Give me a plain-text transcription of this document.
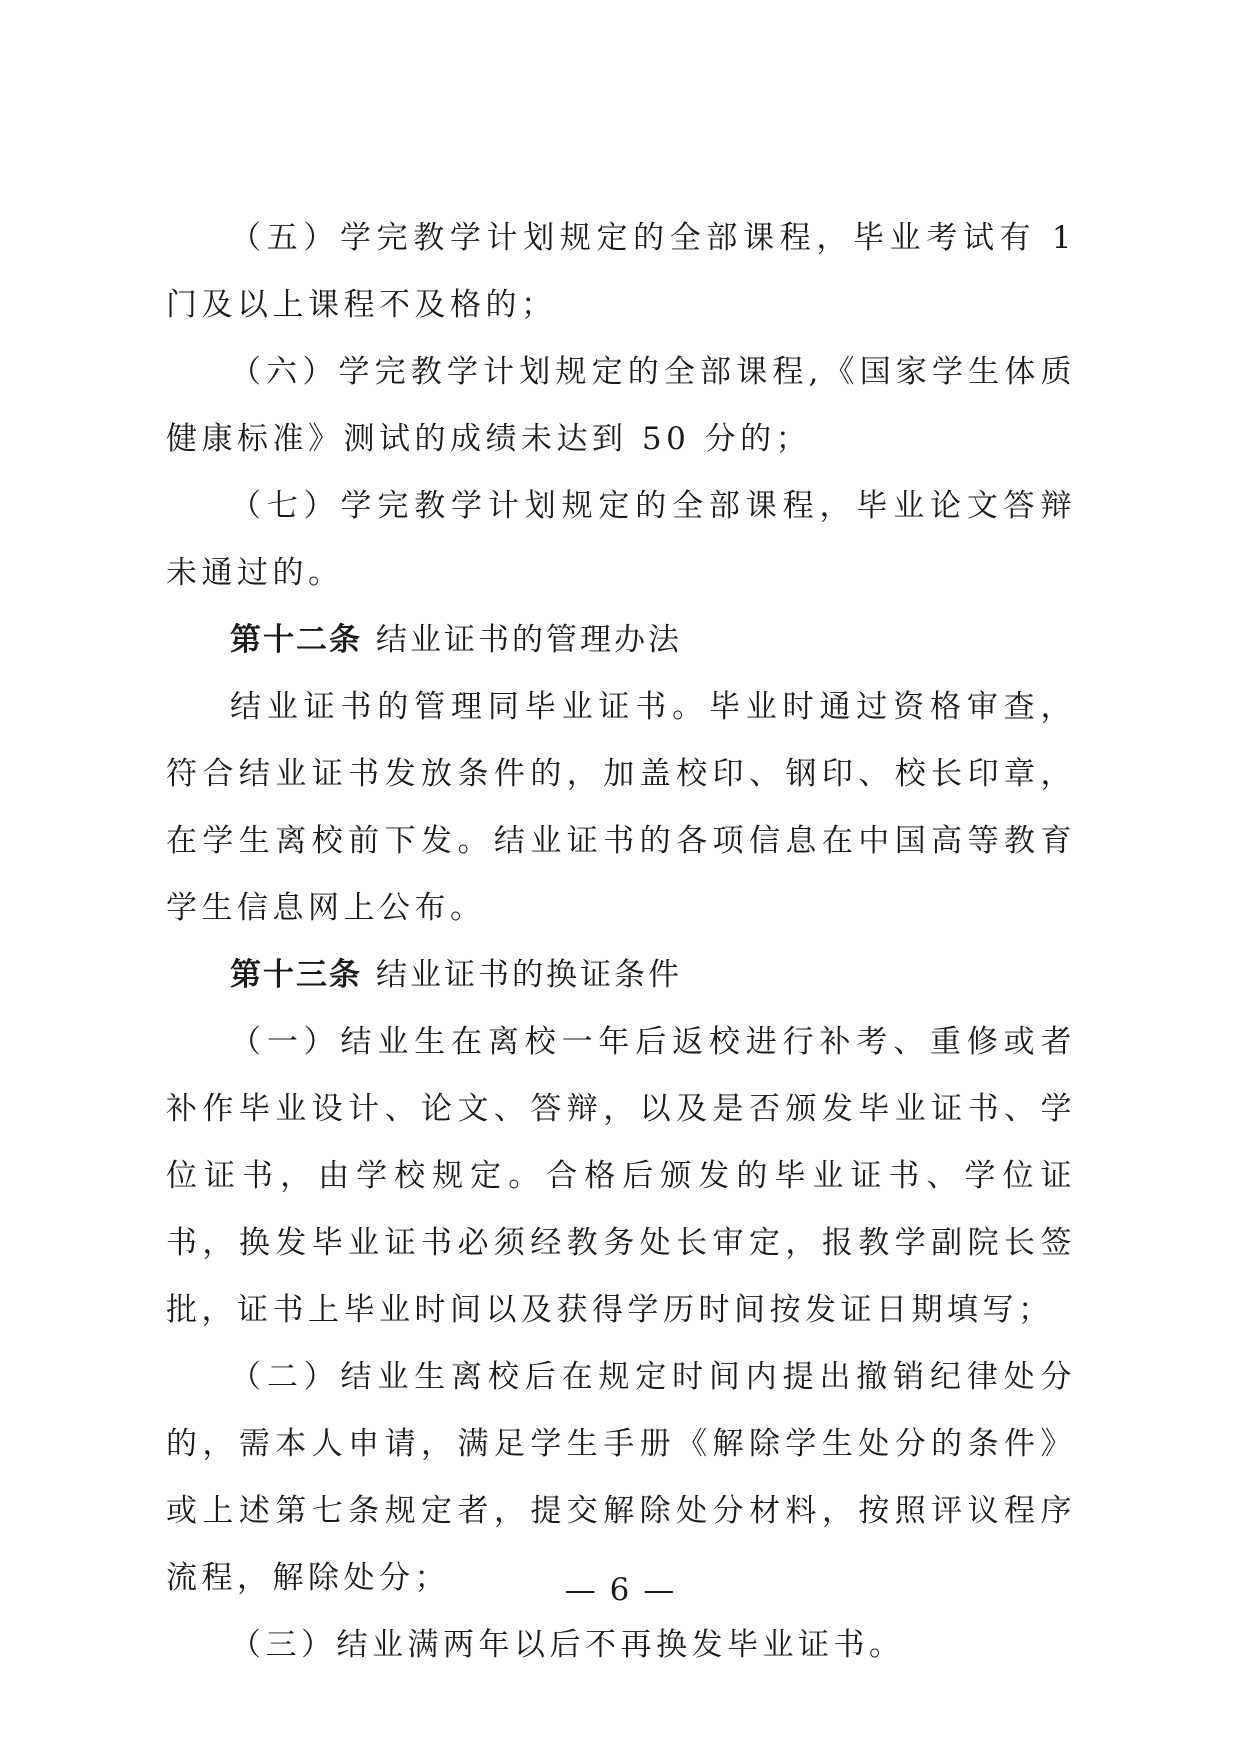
（五）学完教学计划规定的全部课程，毕业考试有 1 门及以上课程不及格的；

（六）学完教学计划规定的全部课程,《国家学生体质健康标准》测试的成绩未达到 50 分的；

（七）学完教学计划规定的全部课程，毕业论文答辩未通过的。

第十二条 结业证书的管理办法

结业证书的管理同毕业证书。毕业时通过资格审查，符合结业证书发放条件的，加盖校印、钢印、校长印章，在学生离校前下发。结业证书的各项信息在中国高等教育学生信息网上公布。

第十三条 结业证书的换证条件

（一）结业生在离校一年后返校进行补考、重修或者补作毕业设计、论文、答辩，以及是否颁发毕业证书、学位证书，由学校规定。合格后颁发的毕业证书、学位证书，换发毕业证书必须经教务处长审定，报教学副院长签批，证书上毕业时间以及获得学历时间按发证日期填写；

（二）结业生离校后在规定时间内提出撤销纪律处分的，需本人申请，满足学生手册《解除学生处分的条件》或上述第七条规定者，提交解除处分材料，按照评议程序流程，解除处分；

（三）结业满两年以后不再换发毕业证书。

— 6 —
